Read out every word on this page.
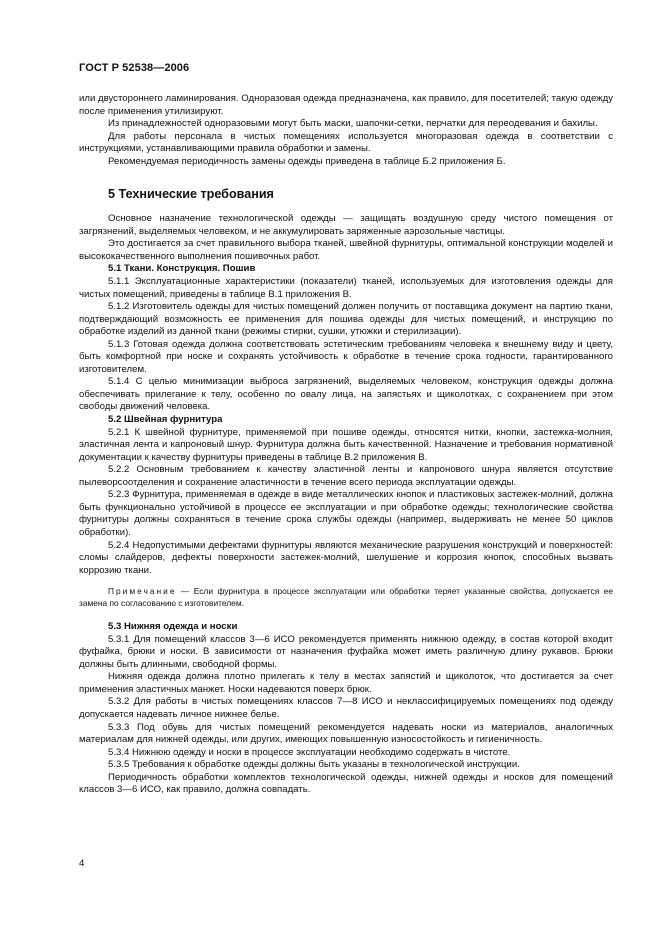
ГОСТ Р 52538—2006

или двустороннего ламинирования. Одноразовая одежда предназначена, как правило, для посетителей; такую одежду после применения утилизируют.

Из принадлежностей одноразовыми могут быть маски, шапочки-сетки, перчатки для переодевания и бахилы.

Для работы персонала в чистых помещениях используется многоразовая одежда в соответствии с инструкциями, устанавливающими правила обработки и замены.

Рекомендуемая периодичность замены одежды приведена в таблице Б.2 приложения Б.

5 Технические требования

Основное назначение технологической одежды — защищать воздушную среду чистого помещения от загрязнений, выделяемых человеком, и не аккумулировать заряженные аэрозольные частицы.

Это достигается за счет правильного выбора тканей, швейной фурнитуры, оптимальной конструкции моделей и высококачественного выполнения пошивочных работ.

5.1 Ткани. Конструкция. Пошив

5.1.1 Эксплуатационные характеристики (показатели) тканей, используемых для изготовления одежды для чистых помещений, приведены в таблице В.1 приложения В.

5.1.2 Изготовитель одежды для чистых помещений должен получить от поставщика документ на партию ткани, подтверждающий возможность ее применения для пошива одежды для чистых помещений, и инструкцию по обработке изделий из данной ткани (режимы стирки, сушки, утюжки и стерилизации).

5.1.3 Готовая одежда должна соответствовать эстетическим требованиям человека к внешнему виду и цвету, быть комфортной при носке и сохранять устойчивость к обработке в течение срока годности, гарантированного изготовителем.

5.1.4 С целью минимизации выброса загрязнений, выделяемых человеком, конструкция одежды должна обеспечивать прилегание к телу, особенно по овалу лица, на запястьях и щиколотках, с сохранением при этом свободы движений человека.

5.2 Швейная фурнитура

5.2.1 К швейной фурнитуре, применяемой при пошиве одежды, относятся нитки, кнопки, застежка-молния, эластичная лента и капроновый шнур. Фурнитура должна быть качественной. Назначение и требования нормативной документации к качеству фурнитуры приведены в таблице В.2 приложения В.

5.2.2 Основным требованием к качеству эластичной ленты и капронового шнура является отсутствие пылеворсоотделения и сохранение эластичности в течение всего периода эксплуатации одежды.

5.2.3 Фурнитура, применяемая в одежде в виде металлических кнопок и пластиковых застежек-молний, должна быть функционально устойчивой в процессе ее эксплуатации и при обработке одежды; технологические свойства фурнитуры должны сохраняться в течение срока службы одежды (например, выдерживать не менее 50 циклов обработки).

5.2.4 Недопустимыми дефектами фурнитуры являются механические разрушения конструкций и поверхностей: сломы слайдеров, дефекты поверхности застежек-молний, шелушение и коррозия кнопок, способных вызвать коррозию ткани.

Примечание — Если фурнитура в процессе эксплуатации или обработки теряет указанные свойства, допускается ее замена по согласованию с изготовителем.

5.3 Нижняя одежда и носки

5.3.1 Для помещений классов 3—6 ИСО рекомендуется применять нижнюю одежду, в состав которой входит фуфайка, брюки и носки. В зависимости от назначения фуфайка может иметь различную длину рукавов. Брюки должны быть длинными, свободной формы.

Нижняя одежда должна плотно прилегать к телу в местах запястий и щиколоток, что достигается за счет применения эластичных манжет. Носки надеваются поверх брюк.

5.3.2 Для работы в чистых помещениях классов 7—8 ИСО и неклассифицируемых помещениях под одежду допускается надевать личное нижнее белье.

5.3.3 Под обувь для чистых помещений рекомендуется надевать носки из материалов, аналогичных материалам для нижней одежды, или других, имеющих повышенную износостойкость и гигиеничность.

5.3.4 Нижнюю одежду и носки в процессе эксплуатации необходимо содержать в чистоте.

5.3.5 Требования к обработке одежды должны быть указаны в технологической инструкции.

Периодичность обработки комплектов технологической одежды, нижней одежды и носков для помещений классов 3—6 ИСО, как правило, должна совпадать.

4
